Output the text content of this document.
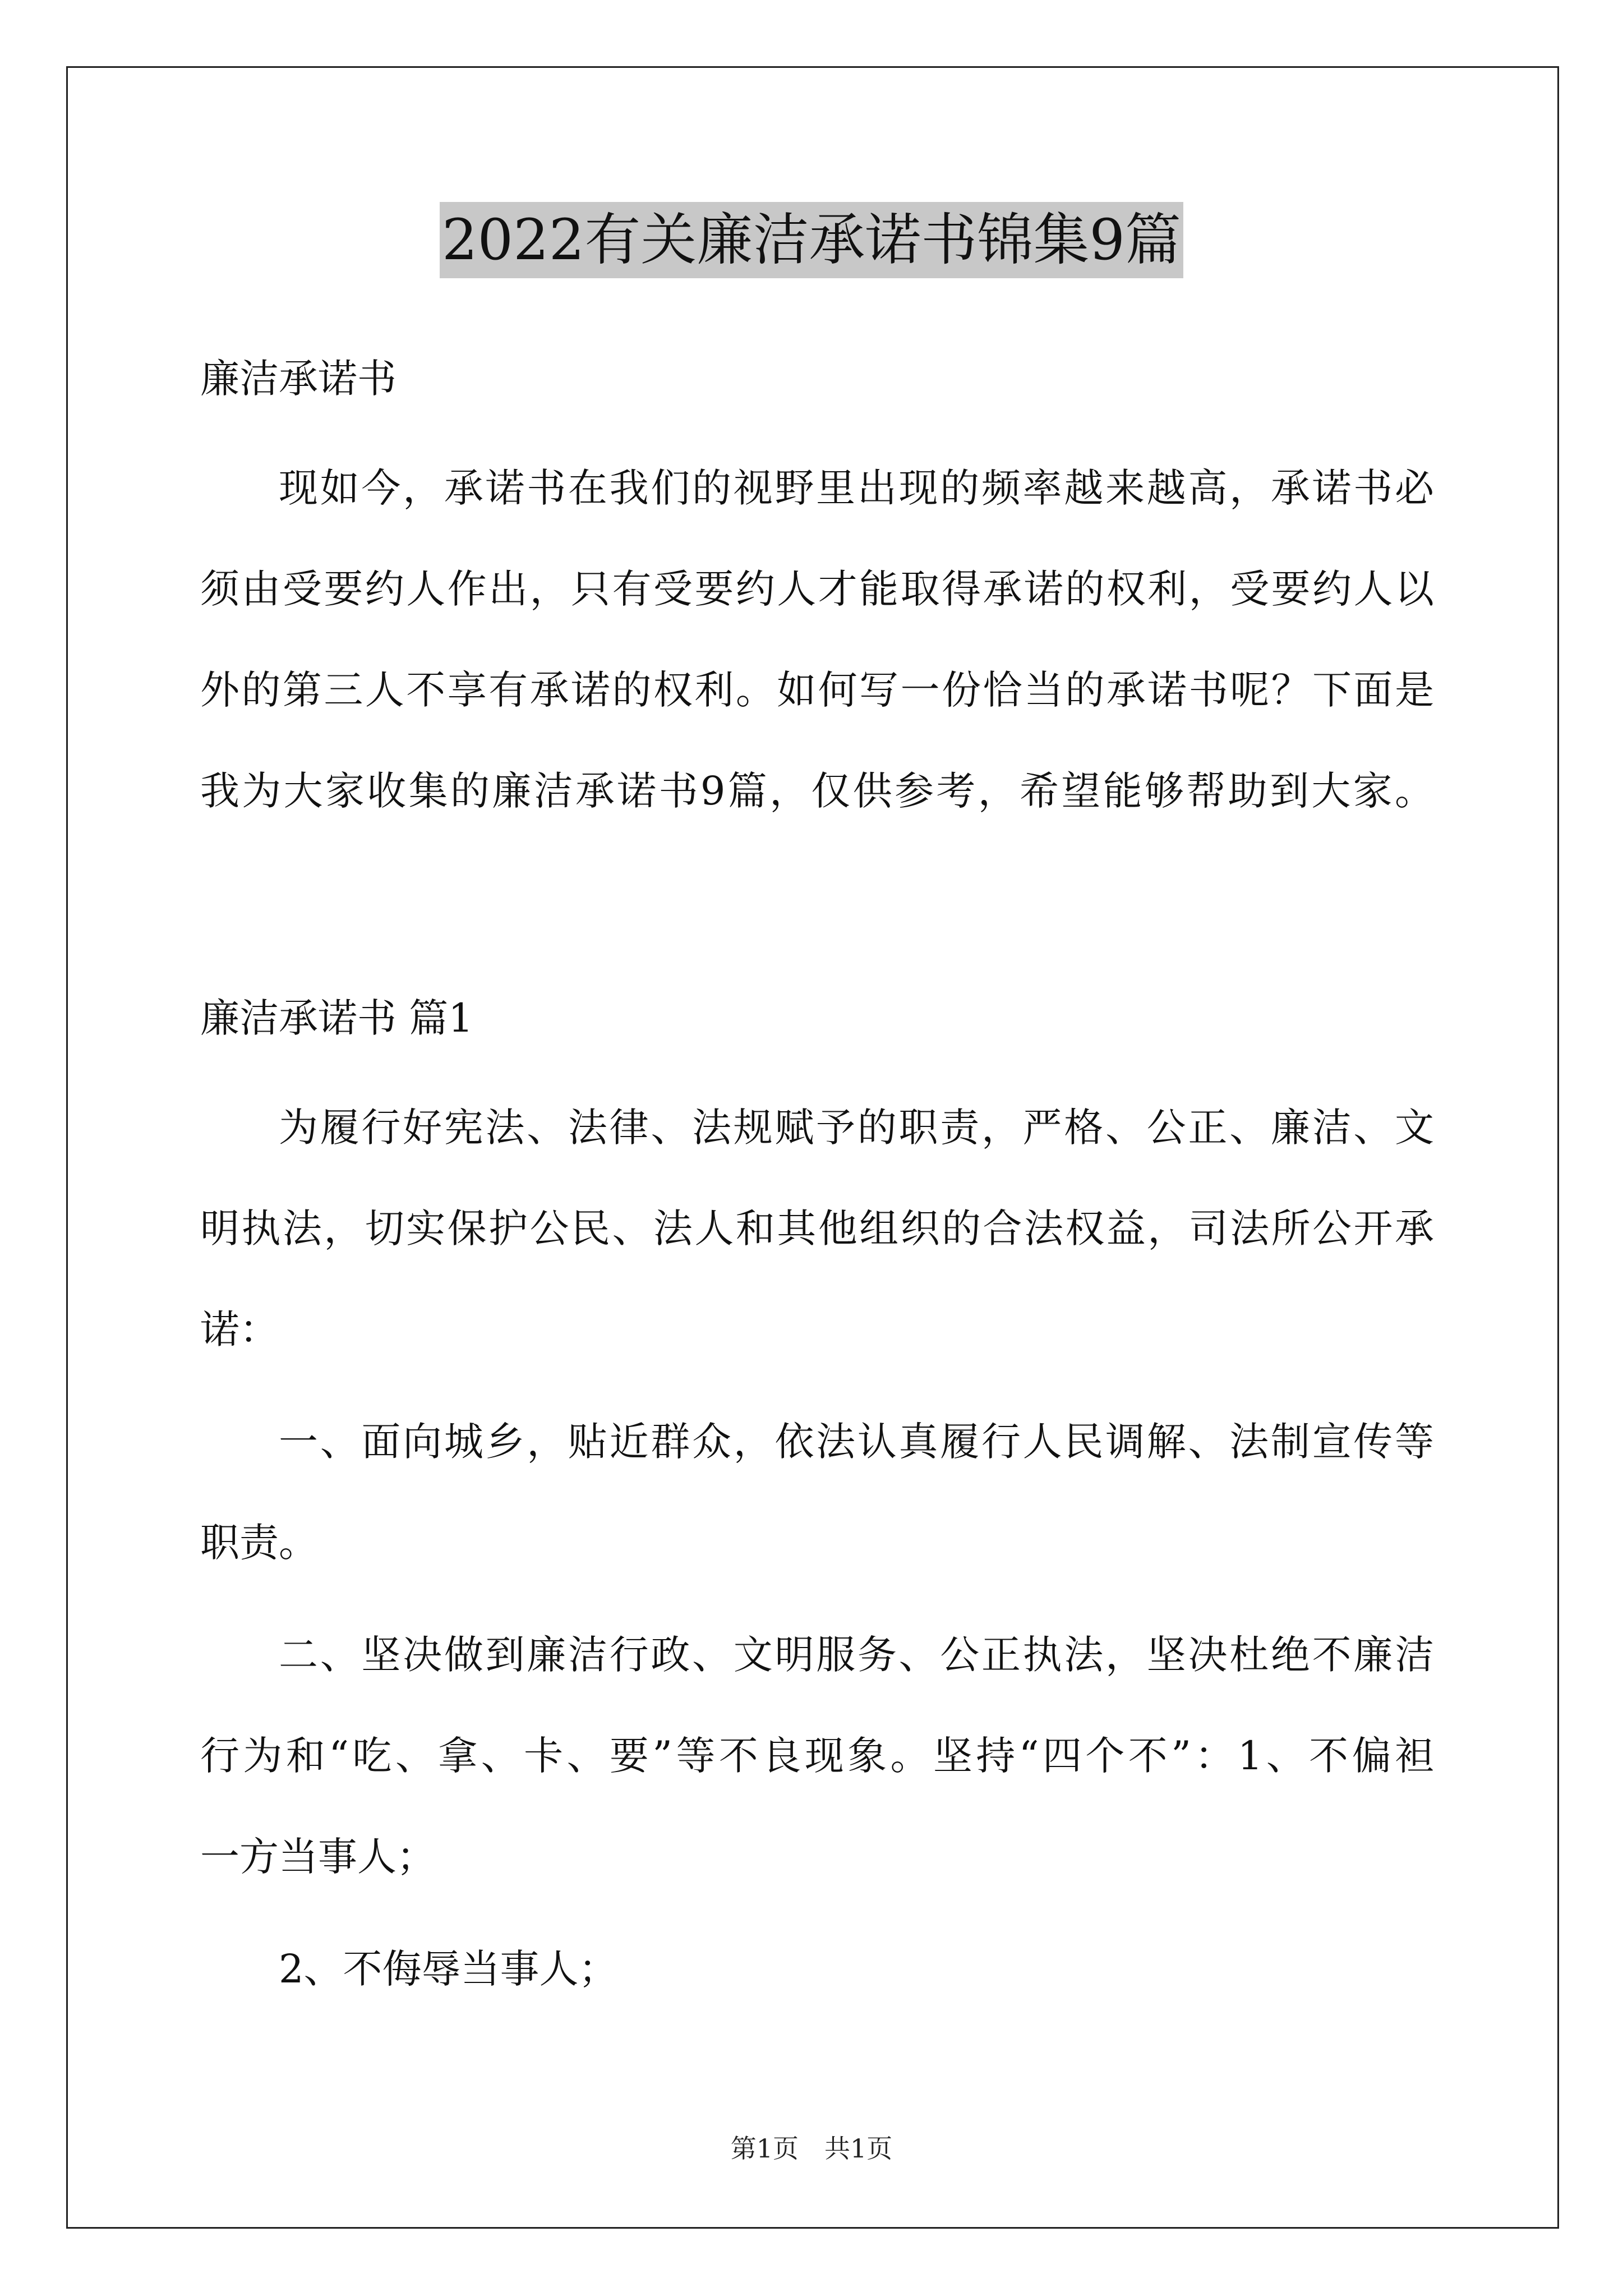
2022有关廉洁承诺书锦集9篇
廉洁承诺书
现如今，承诺书在我们的视野里出现的频率越来越高，承诺书必
须由受要约人作出，只有受要约人才能取得承诺的权利，受要约人以
外的第三人不享有承诺的权利。如何写一份恰当的承诺书呢？下面是
我为大家收集的廉洁承诺书9篇，仅供参考，希望能够帮助到大家。
廉洁承诺书 篇1
为履行好宪法、法律、法规赋予的职责，严格、公正、廉洁、文
明执法，切实保护公民、法人和其他组织的合法权益，司法所公开承
诺：
一、面向城乡，贴近群众，依法认真履行人民调解、法制宣传等
职责。
二、坚决做到廉洁行政、文明服务、公正执法，坚决杜绝不廉洁
行为和“吃、拿、卡、要”等不良现象。坚持“四个不”：1、不偏袒
一方当事人；
2、不侮辱当事人；
第1页　共1页
